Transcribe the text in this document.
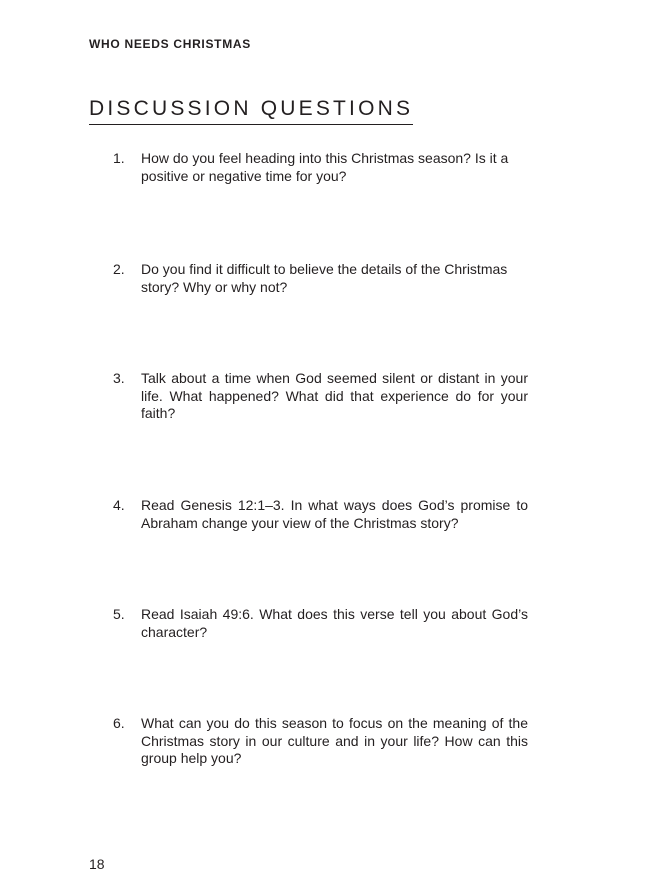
WHO NEEDS CHRISTMAS
DISCUSSION QUESTIONS
1.	How do you feel heading into this Christmas season? Is it a positive or negative time for you?
2.	Do you find it difficult to believe the details of the Christmas story? Why or why not?
3.	Talk about a time when God seemed silent or distant in your life. What happened? What did that experience do for your faith?
4.	Read Genesis 12:1–3. In what ways does God’s promise to Abraham change your view of the Christmas story?
5.	Read Isaiah 49:6. What does this verse tell you about God’s character?
6.	What can you do this season to focus on the meaning of the Christmas story in our culture and in your life? How can this group help you?
18
